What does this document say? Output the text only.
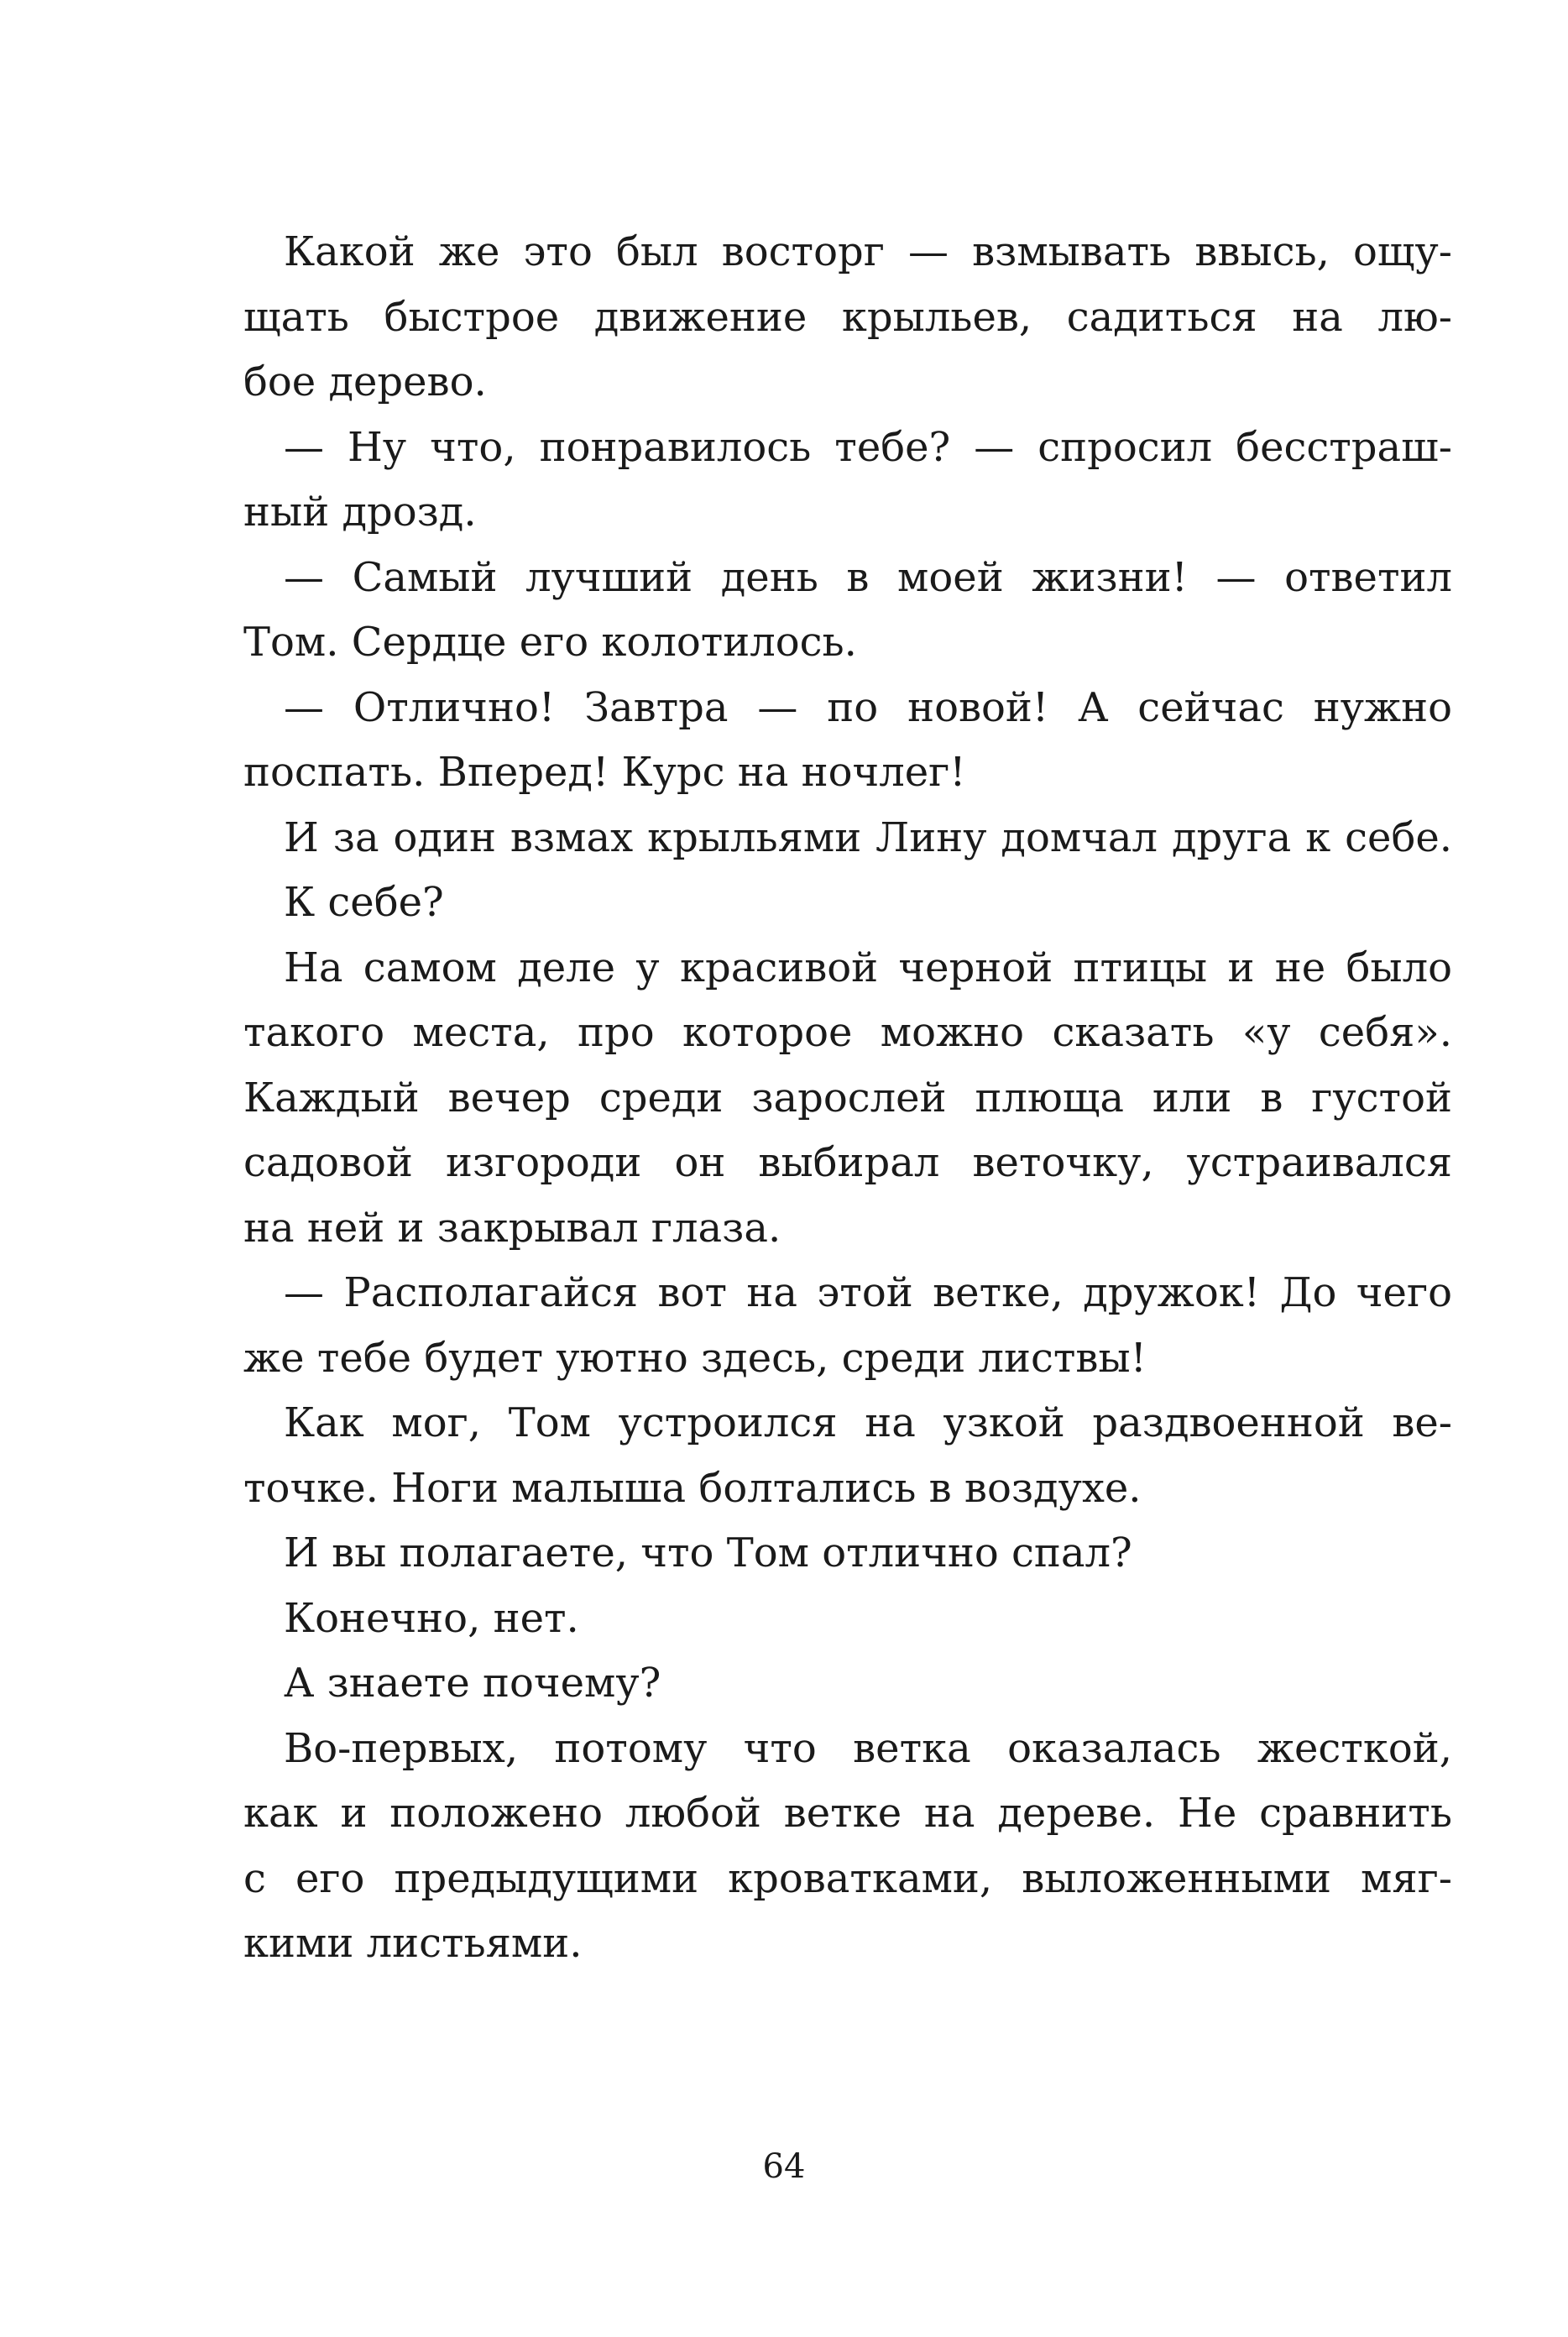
Какой же это был восторг — взмывать ввысь, ощу-
щать быстрое движение крыльев, садиться на лю-
бое дерево.
— Ну что, понравилось тебе? — спросил бесстраш-
ный дрозд.
— Самый лучший день в моей жизни! — ответил
Том. Сердце его колотилось.
— Отлично! Завтра — по новой! А сейчас нужно
поспать. Вперед! Курс на ночлег!
И за один взмах крыльями Лину домчал друга к себе.
К себе?
На самом деле у красивой черной птицы и не было
такого места, про которое можно сказать «у себя».
Каждый вечер среди зарослей плюща или в густой
садовой изгороди он выбирал веточку, устраивался
на ней и закрывал глаза.
— Располагайся вот на этой ветке, дружок! До чего
же тебе будет уютно здесь, среди листвы!
Как мог, Том устроился на узкой раздвоенной ве-
точке. Ноги малыша болтались в воздухе.
И вы полагаете, что Том отлично спал?
Конечно, нет.
А знаете почему?
Во-первых, потому что ветка оказалась жесткой,
как и положено любой ветке на дереве. Не сравнить
с его предыдущими кроватками, выложенными мяг-
кими листьями.
64
